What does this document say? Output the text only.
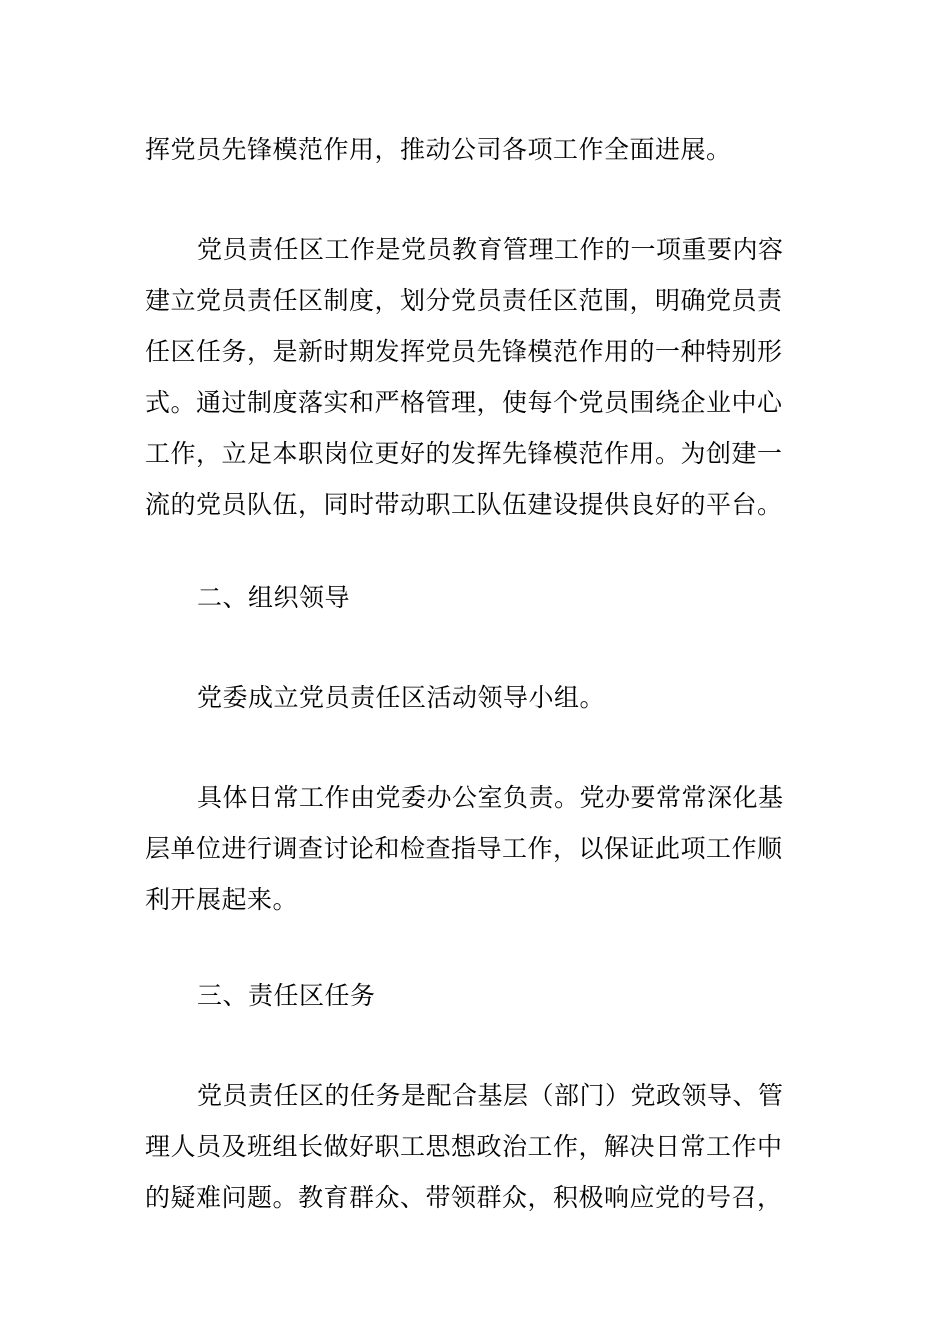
挥党员先锋模范作用，推动公司各项工作全面进展。

党员责任区工作是党员教育管理工作的一项重要内容
建立党员责任区制度，划分党员责任区范围，明确党员责
任区任务，是新时期发挥党员先锋模范作用的一种特别形
式。通过制度落实和严格管理，使每个党员围绕企业中心
工作，立足本职岗位更好的发挥先锋模范作用。为创建一
流的党员队伍，同时带动职工队伍建设提供良好的平台。

二、组织领导

党委成立党员责任区活动领导小组。

具体日常工作由党委办公室负责。党办要常常深化基
层单位进行调查讨论和检查指导工作，以保证此项工作顺
利开展起来。

三、责任区任务

党员责任区的任务是配合基层（部门）党政领导、管
理人员及班组长做好职工思想政治工作，解决日常工作中
的疑难问题。教育群众、带领群众，积极响应党的号召，
